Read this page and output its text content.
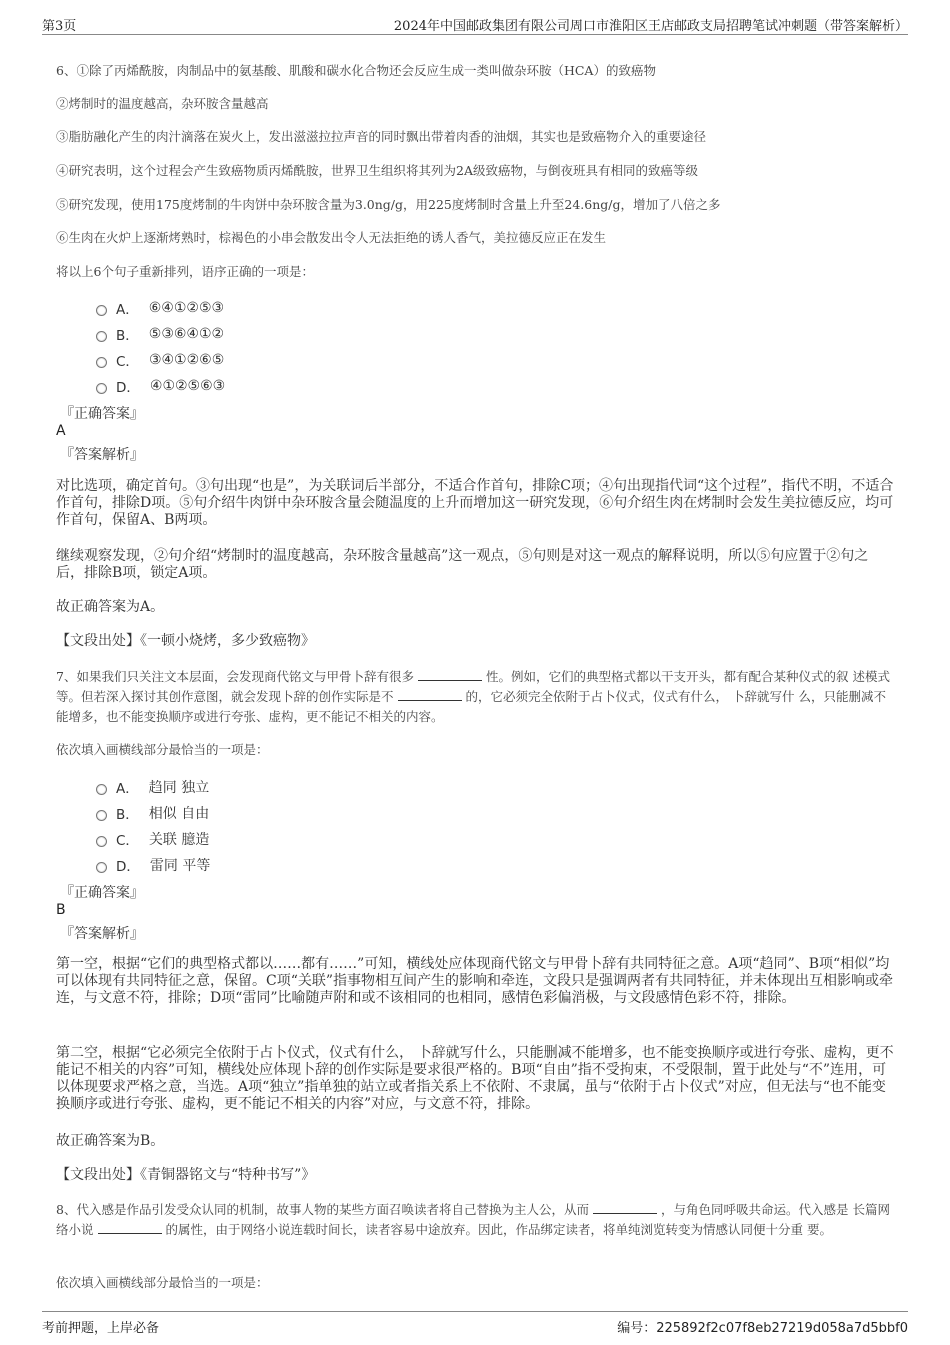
第3页	2024年中国邮政集团有限公司周口市淮阳区王店邮政支局招聘笔试冲刺题（带答案解析）
6、①除了丙烯酰胺，肉制品中的氨基酸、肌酸和碳水化合物还会反应生成一类叫做杂环胺（HCA）的致癌物
②烤制时的温度越高，杂环胺含量越高
③脂肪融化产生的肉汁滴落在炭火上，发出滋滋拉拉声音的同时飘出带着肉香的油烟，其实也是致癌物介入的重要途径
④研究表明，这个过程会产生致癌物质丙烯酰胺，世界卫生组织将其列为2A级致癌物，与倒夜班具有相同的致癌等级
⑤研究发现，使用175度烤制的牛肉饼中杂环胺含量为3.0ng/g，用225度烤制时含量上升至24.6ng/g，增加了八倍之多
⑥生肉在火炉上逐渐烤熟时，棕褐色的小串会散发出令人无法拒绝的诱人香气，美拉德反应正在发生
将以上6个句子重新排列，语序正确的一项是：
A． ⑥④①②⑤③
B． ⑤③⑥④①②
C． ③④①②⑥⑤
D． ④①②⑤⑥③
『正确答案』
A
『答案解析』
对比选项，确定首句。③句出现“也是”，为关联词后半部分，不适合作首句，排除C项；④句出现指代词“这个过程”，指代不明，不适合作首句，排除D项。⑤句介绍牛肉饼中杂环胺含量会随温度的上升而增加这一研究发现，⑥句介绍生肉在烤制时会发生美拉德反应，均可作首句，保留A、B两项。
继续观察发现，②句介绍“烤制时的温度越高，杂环胺含量越高”这一观点，⑤句则是对这一观点的解释说明，所以⑤句应置于②句之后，排除B项，锁定A项。
故正确答案为A。
【文段出处】《一顿小烧烤，多少致癌物》
7、如果我们只关注文本层面，会发现商代铭文与甲骨卜辞有很多	性。例如，它们的典型格式都以干支开头，都有配合某种仪式的叙 述模式等。但若深入探讨其创作意图，就会发现卜辞的创作实际是不	的，它必须完全依附于占卜仪式，仪式有什么， 卜辞就写什 么，只能删减不能增多，也不能变换顺序或进行夸张、虚构，更不能记不相关的内容。
依次填入画横线部分最恰当的一项是：
A． 趋同 独立
B． 相似 自由
C． 关联 臆造
D． 雷同 平等
『正确答案』
B
『答案解析』
第一空，根据“它们的典型格式都以……都有……”可知，横线处应体现商代铭文与甲骨卜辞有共同特征之意。A项“趋同”、B项“相似”均可以体现有共同特征之意，保留。C项“关联”指事物相互间产生的影响和牵连，文段只是强调两者有共同特征，并未体现出互相影响或牵连，与文意不符，排除；D项“雷同”比喻随声附和或不该相同的也相同，感情色彩偏消极，与文段感情色彩不符，排除。
第二空，根据“它必须完全依附于占卜仪式，仪式有什么， 卜辞就写什么，只能删减不能增多，也不能变换顺序或进行夸张、虚构，更不能记不相关的内容”可知，横线处应体现卜辞的创作实际是要求很严格的。B项“自由”指不受拘束，不受限制，置于此处与“不”连用，可以体现要求严格之意，当选。A项“独立”指单独的站立或者指关系上不依附、不隶属，虽与“依附于占卜仪式”对应，但无法与“也不能变换顺序或进行夸张、虚构，更不能记不相关的内容”对应，与文意不符，排除。
故正确答案为B。
【文段出处】《青铜器铭文与“特种书写”》
8、代入感是作品引发受众认同的机制，故事人物的某些方面召唤读者将自己替换为主人公，从而	，与角色同呼吸共命运。代入感是 长篇网络小说	的属性，由于网络小说连载时间长，读者容易中途放弃。因此，作品绑定读者，将单纯浏览转变为情感认同便十分重 要。
依次填入画横线部分最恰当的一项是：
考前押题，上岸必备	编号：225892f2c07f8eb27219d058a7d5bbf0
